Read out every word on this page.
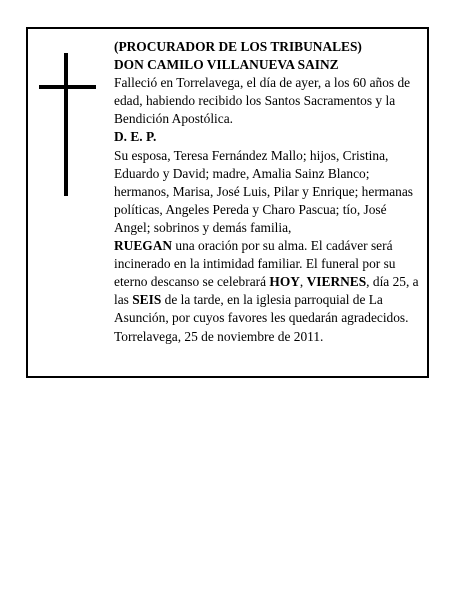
(PROCURADOR DE LOS TRIBUNALES)

DON CAMILO VILLANUEVA SAINZ

Falleció en Torrelavega, el día de ayer, a los 60 años de edad, habiendo recibido los Santos Sacramentos y la Bendición Apostólica.

D. E. P.

Su esposa, Teresa Fernández Mallo; hijos, Cristina, Eduardo y David; madre, Amalia Sainz Blanco; hermanos, Marisa, José Luis, Pilar y Enrique; hermanas políticas, Angeles Pereda y Charo Pascua; tío, José Angel; sobrinos y demás familia,

RUEGAN una oración por su alma. El cadáver será incinerado en la intimidad familiar. El funeral por su eterno descanso se celebrará HOY, VIERNES, día 25, a las SEIS de la tarde, en la iglesia parroquial de La Asunción, por cuyos favores les quedarán agradecidos.

Torrelavega, 25 de noviembre de 2011.
